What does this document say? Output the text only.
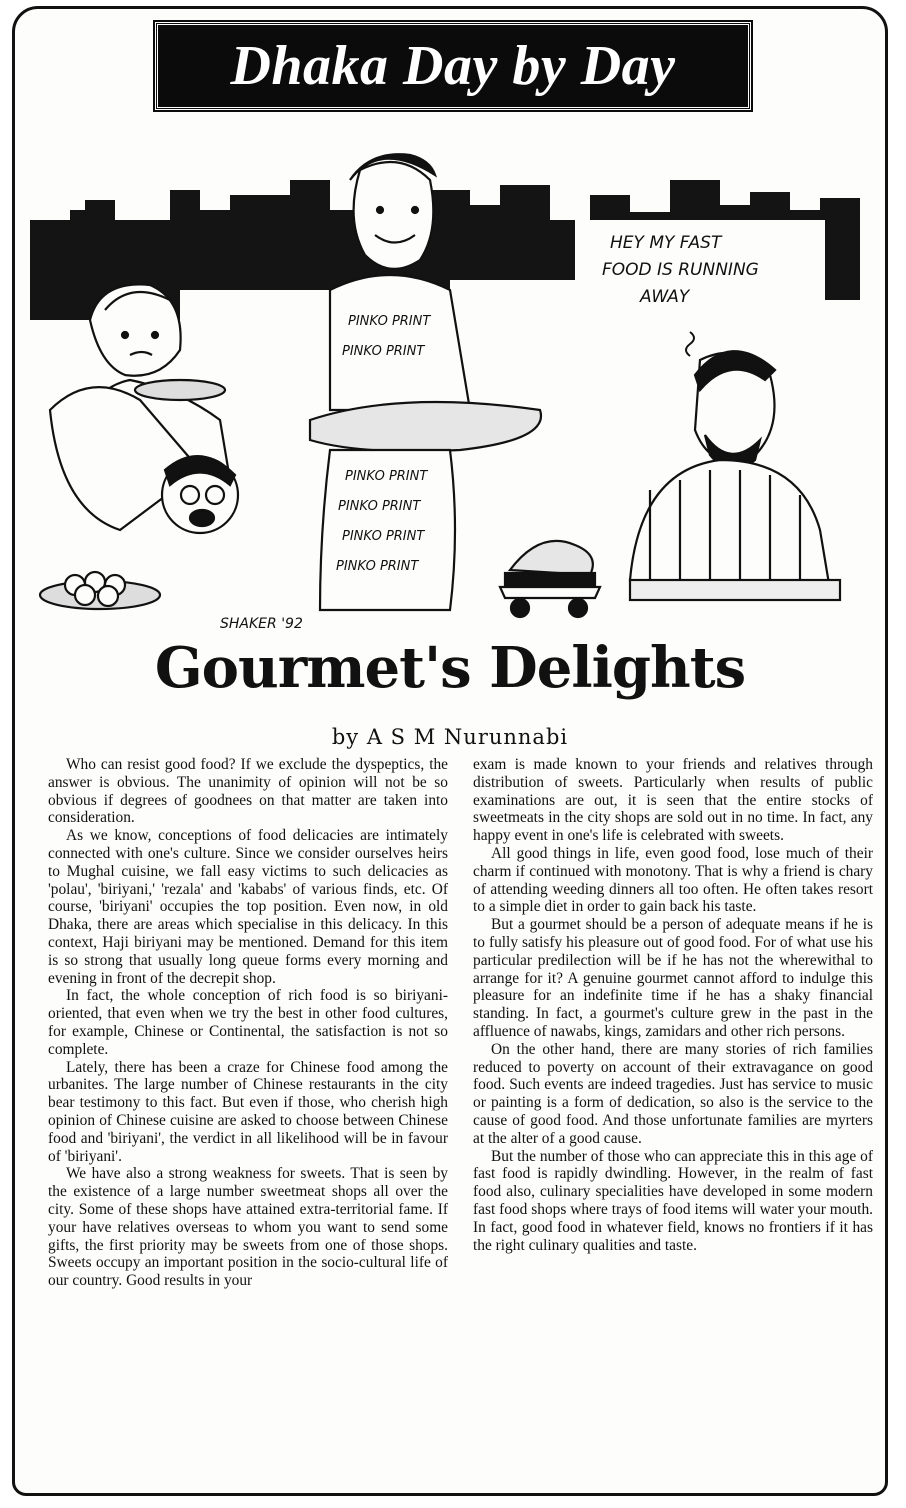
Dhaka Day by Day
HEY MY FAST
FOOD IS RUNNING
AWAY
PINKO PRINT
PINKO PRINT
PINKO PRINT
PINKO PRINT
PINKO PRINT
PINKO PRINT
SHAKER '92
Gourmet's Delights
by A S M Nurunnabi

Who can resist good food? If we exclude the dyspeptics, the answer is obvious. The unanimity of opinion will not be so obvious if degrees of goodnees on that matter are taken into consideration.

As we know, conceptions of food delicacies are intimately connected with one's culture. Since we consider ourselves heirs to Mughal cuisine, we fall easy victims to such delicacies as 'polau', 'biriyani,' 'rezala' and 'kababs' of various finds, etc. Of course, 'biriyani' occupies the top position. Even now, in old Dhaka, there are areas which specialise in this delicacy. In this context, Haji biriyani may be mentioned. Demand for this item is so strong that usually long queue forms every morning and evening in front of the decrepit shop.

In fact, the whole conception of rich food is so biriyani-oriented, that even when we try the best in other food cultures, for example, Chinese or Continental, the satisfaction is not so complete.

Lately, there has been a craze for Chinese food among the urbanites. The large number of Chinese restaurants in the city bear testimony to this fact. But even if those, who cherish high opinion of Chinese cuisine are asked to choose between Chinese food and 'biriyani', the verdict in all likelihood will be in favour of 'biriyani'.

We have also a strong weakness for sweets. That is seen by the existence of a large number sweetmeat shops all over the city. Some of these shops have attained extra-territorial fame. If your have relatives overseas to whom you want to send some gifts, the first priority may be sweets from one of those shops. Sweets occupy an important position in the socio-cultural life of our country. Good results in your

exam is made known to your friends and relatives through distribution of sweets. Particularly when results of public examinations are out, it is seen that the entire stocks of sweetmeats in the city shops are sold out in no time. In fact, any happy event in one's life is celebrated with sweets.

All good things in life, even good food, lose much of their charm if continued with monotony. That is why a friend is chary of attending weeding dinners all too often. He often takes resort to a simple diet in order to gain back his taste.

But a gourmet should be a person of adequate means if he is to fully satisfy his pleasure out of good food. For of what use his particular predilection will be if he has not the wherewithal to arrange for it? A genuine gourmet cannot afford to indulge this pleasure for an indefinite time if he has a shaky financial standing. In fact, a gourmet's culture grew in the past in the affluence of nawabs, kings, zamidars and other rich persons.

On the other hand, there are many stories of rich families reduced to poverty on account of their extravagance on good food. Such events are indeed tragedies. Just has service to music or painting is a form of dedication, so also is the service to the cause of good food. And those unfortunate families are myrters at the alter of a good cause.

But the number of those who can appreciate this in this age of fast food is rapidly dwindling. However, in the realm of fast food also, culinary specialities have developed in some modern fast food shops where trays of food items will water your mouth. In fact, good food in whatever field, knows no frontiers if it has the right culinary qualities and taste.
